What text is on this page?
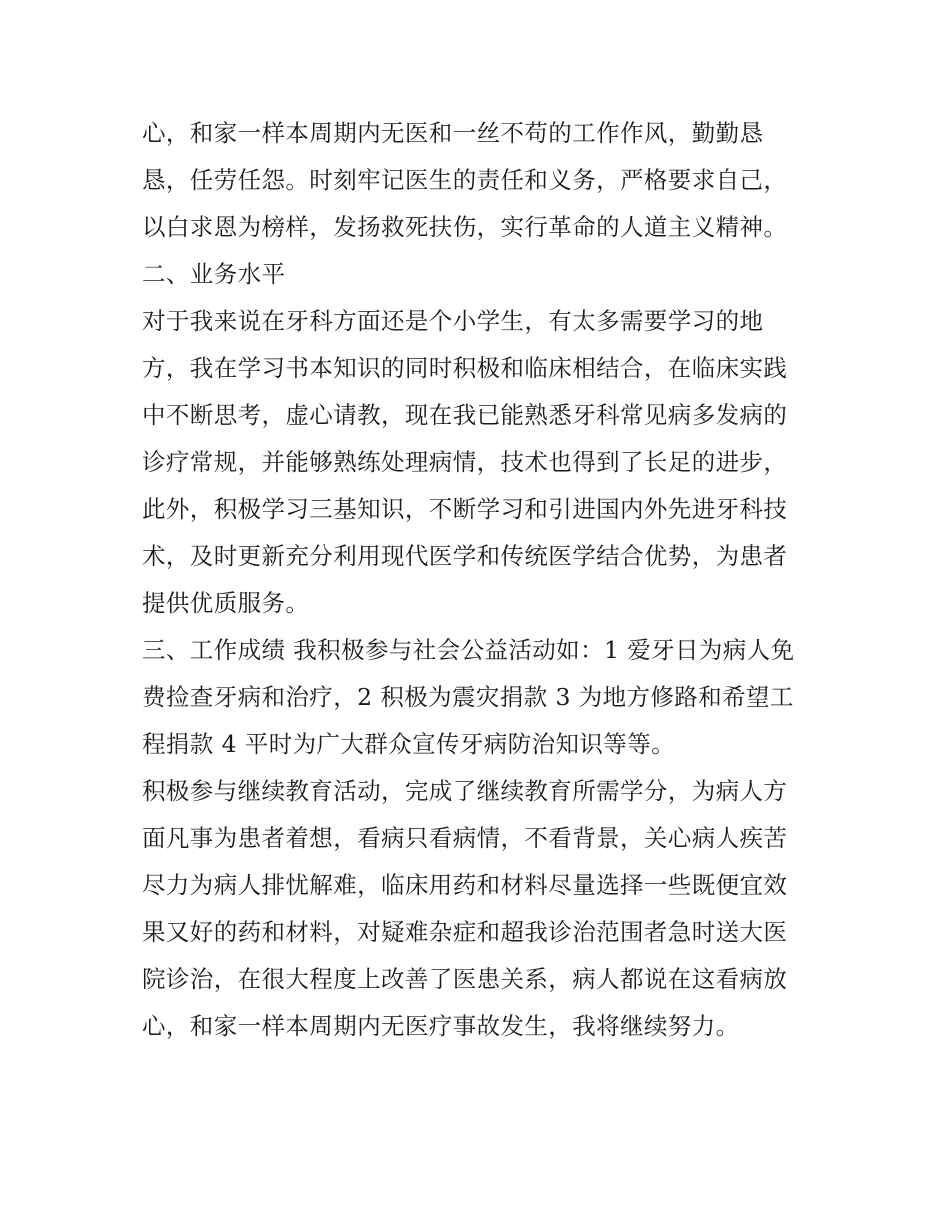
心，和家一样本周期内无医和一丝不苟的工作作风，勤勤恳
恳，任劳任怨。时刻牢记医生的责任和义务，严格要求自己，
以白求恩为榜样，发扬救死扶伤，实行革命的人道主义精神。
二、业务水平
对于我来说在牙科方面还是个小学生，有太多需要学习的地
方，我在学习书本知识的同时积极和临床相结合，在临床实践
中不断思考，虚心请教，现在我已能熟悉牙科常见病多发病的
诊疗常规，并能够熟练处理病情，技术也得到了长足的进步，
此外，积极学习三基知识，不断学习和引进国内外先进牙科技
术，及时更新充分利用现代医学和传统医学结合优势，为患者
提供优质服务。
三、工作成绩 我积极参与社会公益活动如：1 爱牙日为病人免
费捡查牙病和治疗，2 积极为震灾捐款 3 为地方修路和希望工
程捐款 4 平时为广大群众宣传牙病防治知识等等。
积极参与继续教育活动，完成了继续教育所需学分，为病人方
面凡事为患者着想，看病只看病情，不看背景，关心病人疾苦
尽力为病人排忧解难，临床用药和材料尽量选择一些既便宜效
果又好的药和材料，对疑难杂症和超我诊治范围者急时送大医
院诊治，在很大程度上改善了医患关系，病人都说在这看病放
心，和家一样本周期内无医疗事故发生，我将继续努力。
